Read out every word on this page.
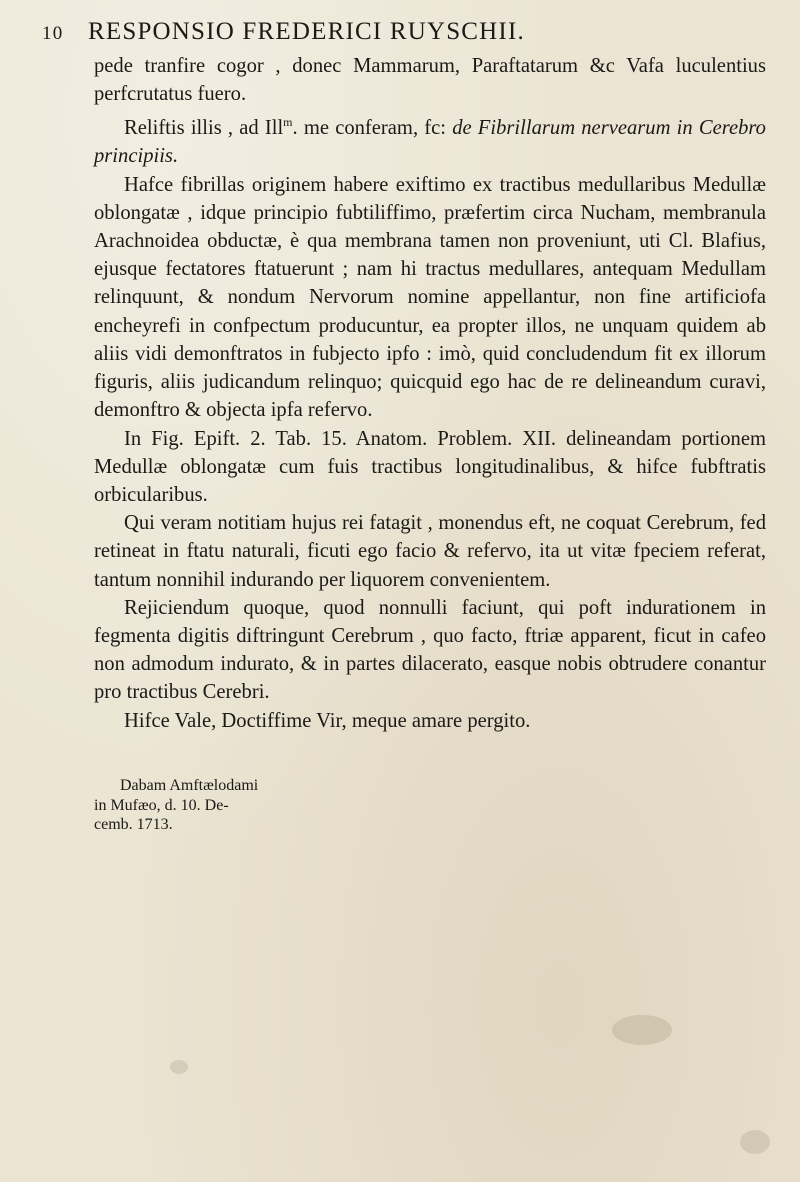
10 RESPONSIO FREDERICI RUYSCHII.

pede tranfire cogor , donec Mammarum, Paraftatarum &c Vafa luculentius perfcrutatus fuero.

Reliftis illis , ad Ill$^m$. me conferam, fc: de Fibrillarum nervearum in Cerebro principiis.

Hafce fibrillas originem habere exiftimo ex tractibus medullaribus Medullæ oblongatæ , idque principio fubtiliffimo, præfertim circa Nucham, membranula Arachnoidea obductæ, è qua membrana tamen non proveniunt, uti Cl. Blafius, ejusque fectatores ftatuerunt ; nam hi tractus medullares, antequam Medullam relinquunt, & nondum Nervorum nomine appellantur, non fine artificiofa encheyrefi in confpectum producuntur, ea propter illos, ne unquam quidem ab aliis vidi demonftratos in fubjecto ipfo : imò, quid concludendum fit ex illorum figuris, aliis judicandum relinquo; quicquid ego hac de re delineandum curavi, demonftro & objecta ipfa refervo.

In Fig. Epift. 2. Tab. 15. Anatom. Problem. XII. delineandam portionem Medullæ oblongatæ cum fuis tractibus longitudinalibus, & hifce fubftratis orbicularibus.

Qui veram notitiam hujus rei fatagit , monendus eft, ne coquat Cerebrum, fed retineat in ftatu naturali, ficuti ego facio & refervo, ita ut vitæ fpeciem referat, tantum nonnihil indurando per liquorem convenientem.

Rejiciendum quoque, quod nonnulli faciunt, qui poft indurationem in fegmenta digitis diftringunt Cerebrum , quo facto, ftriæ apparent, ficut in cafeo non admodum indurato, & in partes dilacerato, easque nobis obtrudere conantur pro tractibus Cerebri.

Hifce Vale, Doctiffime Vir, meque amare pergito.

Dabam Amftælodami
in Mufæo, d. 10. De-
cemb. 1713.
